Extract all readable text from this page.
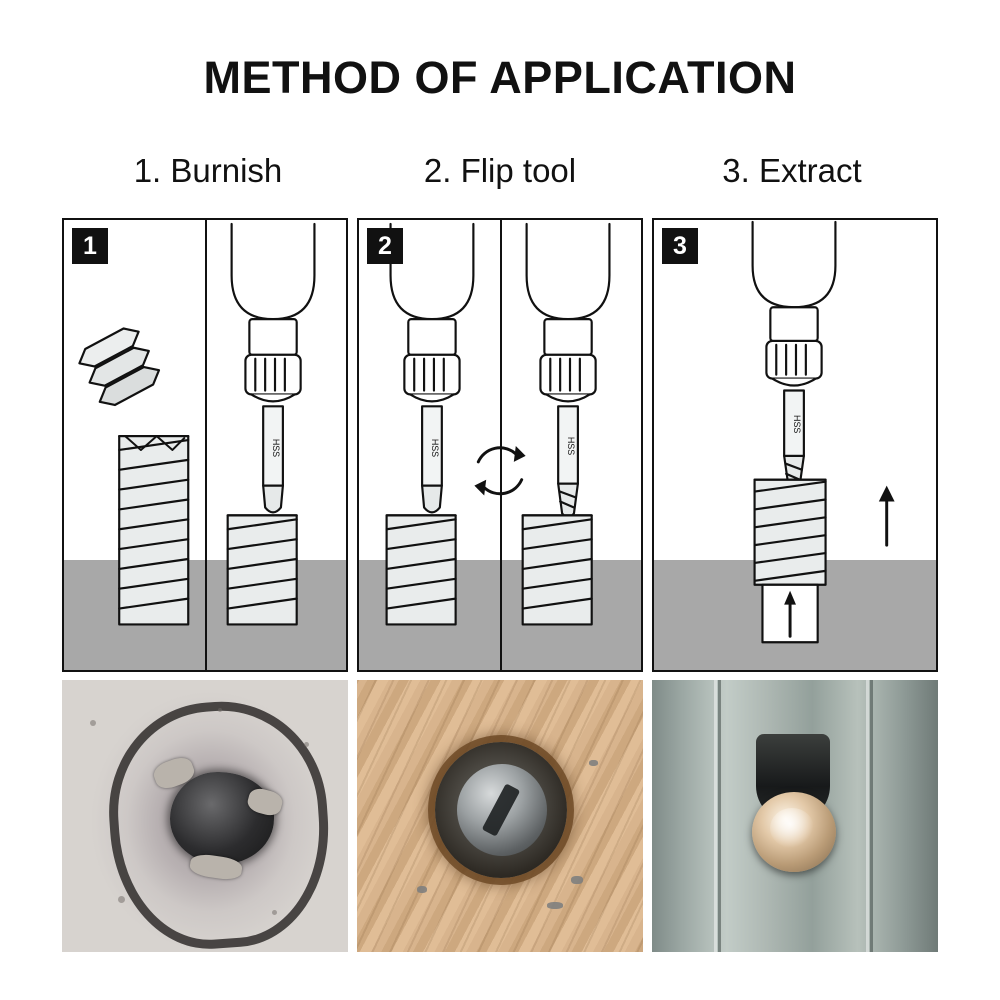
METHOD OF APPLICATION
1. Burnish	2. Flip tool	3. Extract
1
HSS
2
HSS	HSS
3
HSS
